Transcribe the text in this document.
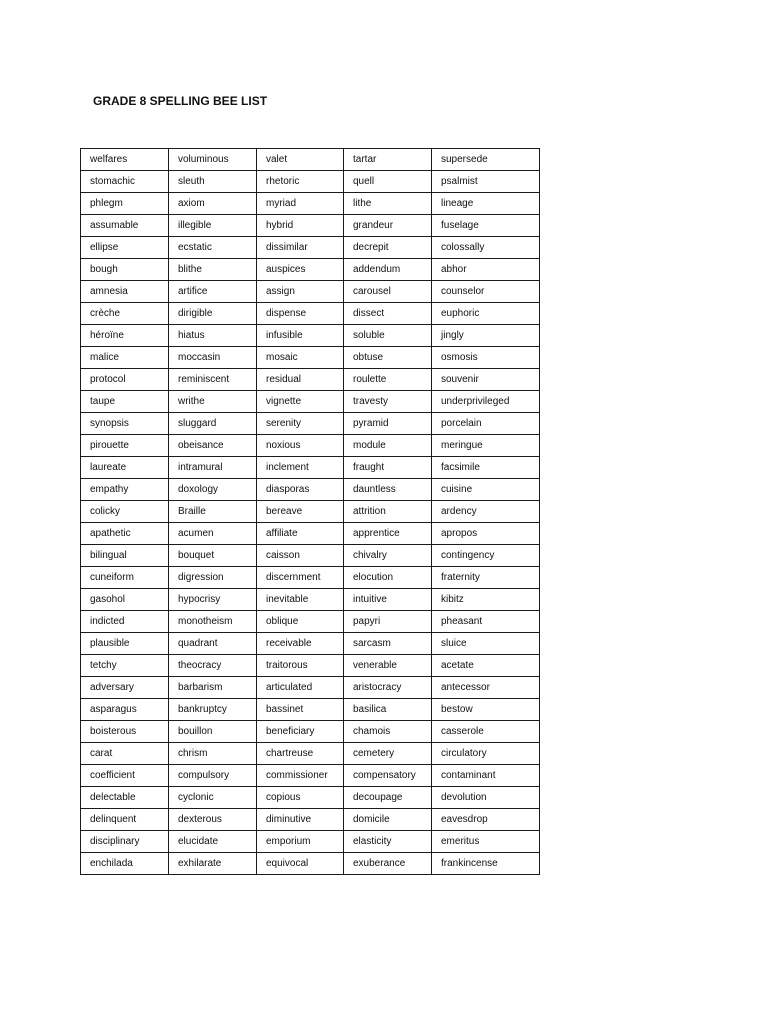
GRADE 8 SPELLING BEE LIST
welfares	voluminous	valet	tartar	supersede
stomachic	sleuth	rhetoric	quell	psalmist
phlegm	axiom	myriad	lithe	lineage
assumable	illegible	hybrid	grandeur	fuselage
ellipse	ecstatic	dissimilar	decrepit	colossally
bough	blithe	auspices	addendum	abhor
amnesia	artifice	assign	carousel	counselor
crèche	dirigible	dispense	dissect	euphoric
héroïne	hiatus	infusible	soluble	jingly
malice	moccasin	mosaic	obtuse	osmosis
protocol	reminiscent	residual	roulette	souvenir
taupe	writhe	vignette	travesty	underprivileged
synopsis	sluggard	serenity	pyramid	porcelain
pirouette	obeisance	noxious	module	meringue
laureate	intramural	inclement	fraught	facsimile
empathy	doxology	diasporas	dauntless	cuisine
colicky	Braille	bereave	attrition	ardency
apathetic	acumen	affiliate	apprentice	apropos
bilingual	bouquet	caisson	chivalry	contingency
cuneiform	digression	discernment	elocution	fraternity
gasohol	hypocrisy	inevitable	intuitive	kibitz
indicted	monotheism	oblique	papyri	pheasant
plausible	quadrant	receivable	sarcasm	sluice
tetchy	theocracy	traitorous	venerable	acetate
adversary	barbarism	articulated	aristocracy	antecessor
asparagus	bankruptcy	bassinet	basilica	bestow
boisterous	bouillon	beneficiary	chamois	casserole
carat	chrism	chartreuse	cemetery	circulatory
coefficient	compulsory	commissioner	compensatory	contaminant
delectable	cyclonic	copious	decoupage	devolution
delinquent	dexterous	diminutive	domicile	eavesdrop
disciplinary	elucidate	emporium	elasticity	emeritus
enchilada	exhilarate	equivocal	exuberance	frankincense
